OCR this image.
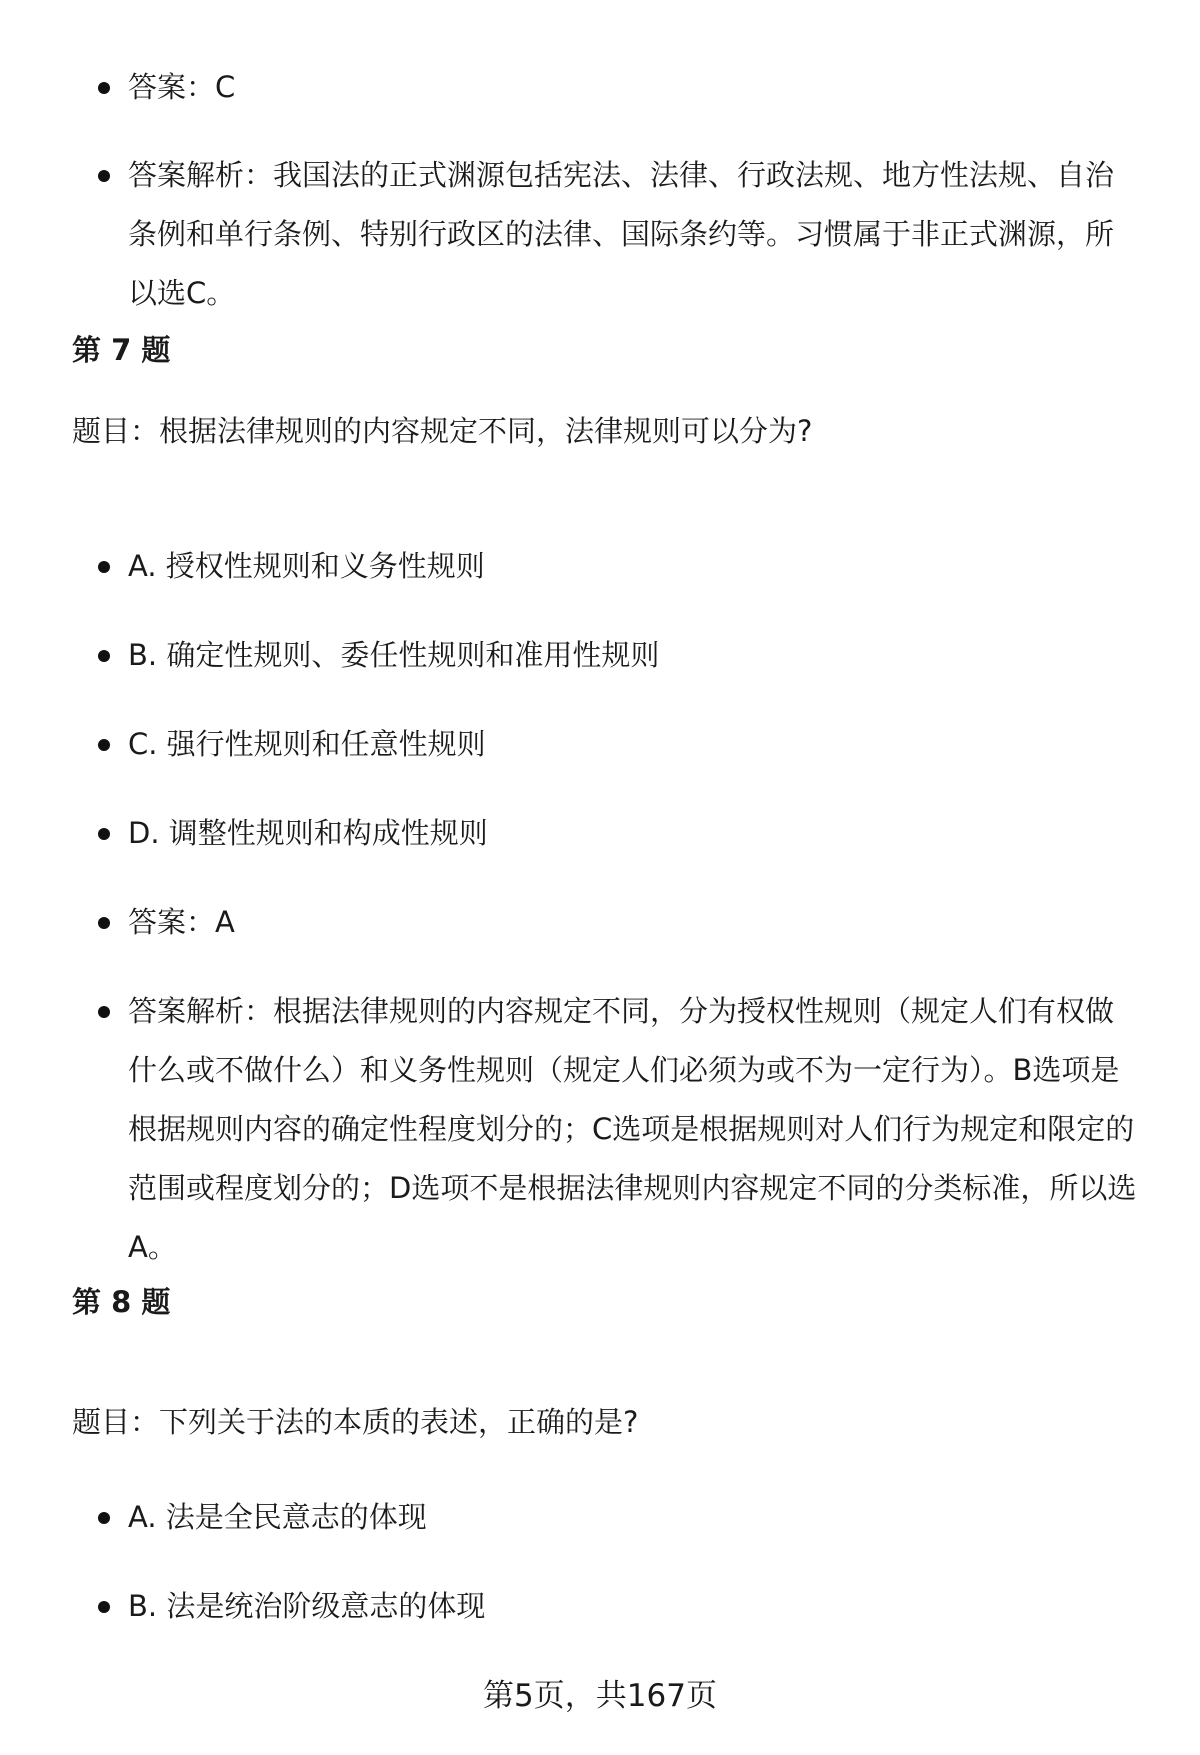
答案：C
答案解析：我国法的正式渊源包括宪法、法律、行政法规、地方性法规、自治条例和单行条例、特别行政区的法律、国际条约等。习惯属于非正式渊源，所以选C。
第 7 题
题目：根据法律规则的内容规定不同，法律规则可以分为?
A. 授权性规则和义务性规则
B. 确定性规则、委任性规则和准用性规则
C. 强行性规则和任意性规则
D. 调整性规则和构成性规则
答案：A
答案解析：根据法律规则的内容规定不同，分为授权性规则（规定人们有权做什么或不做什么）和义务性规则（规定人们必须为或不为一定行为）。B选项是根据规则内容的确定性程度划分的；C选项是根据规则对人们行为规定和限定的范围或程度划分的；D选项不是根据法律规则内容规定不同的分类标准，所以选A。
第 8 题
题目：下列关于法的本质的表述，正确的是?
A. 法是全民意志的体现
B. 法是统治阶级意志的体现
第5页，共167页
